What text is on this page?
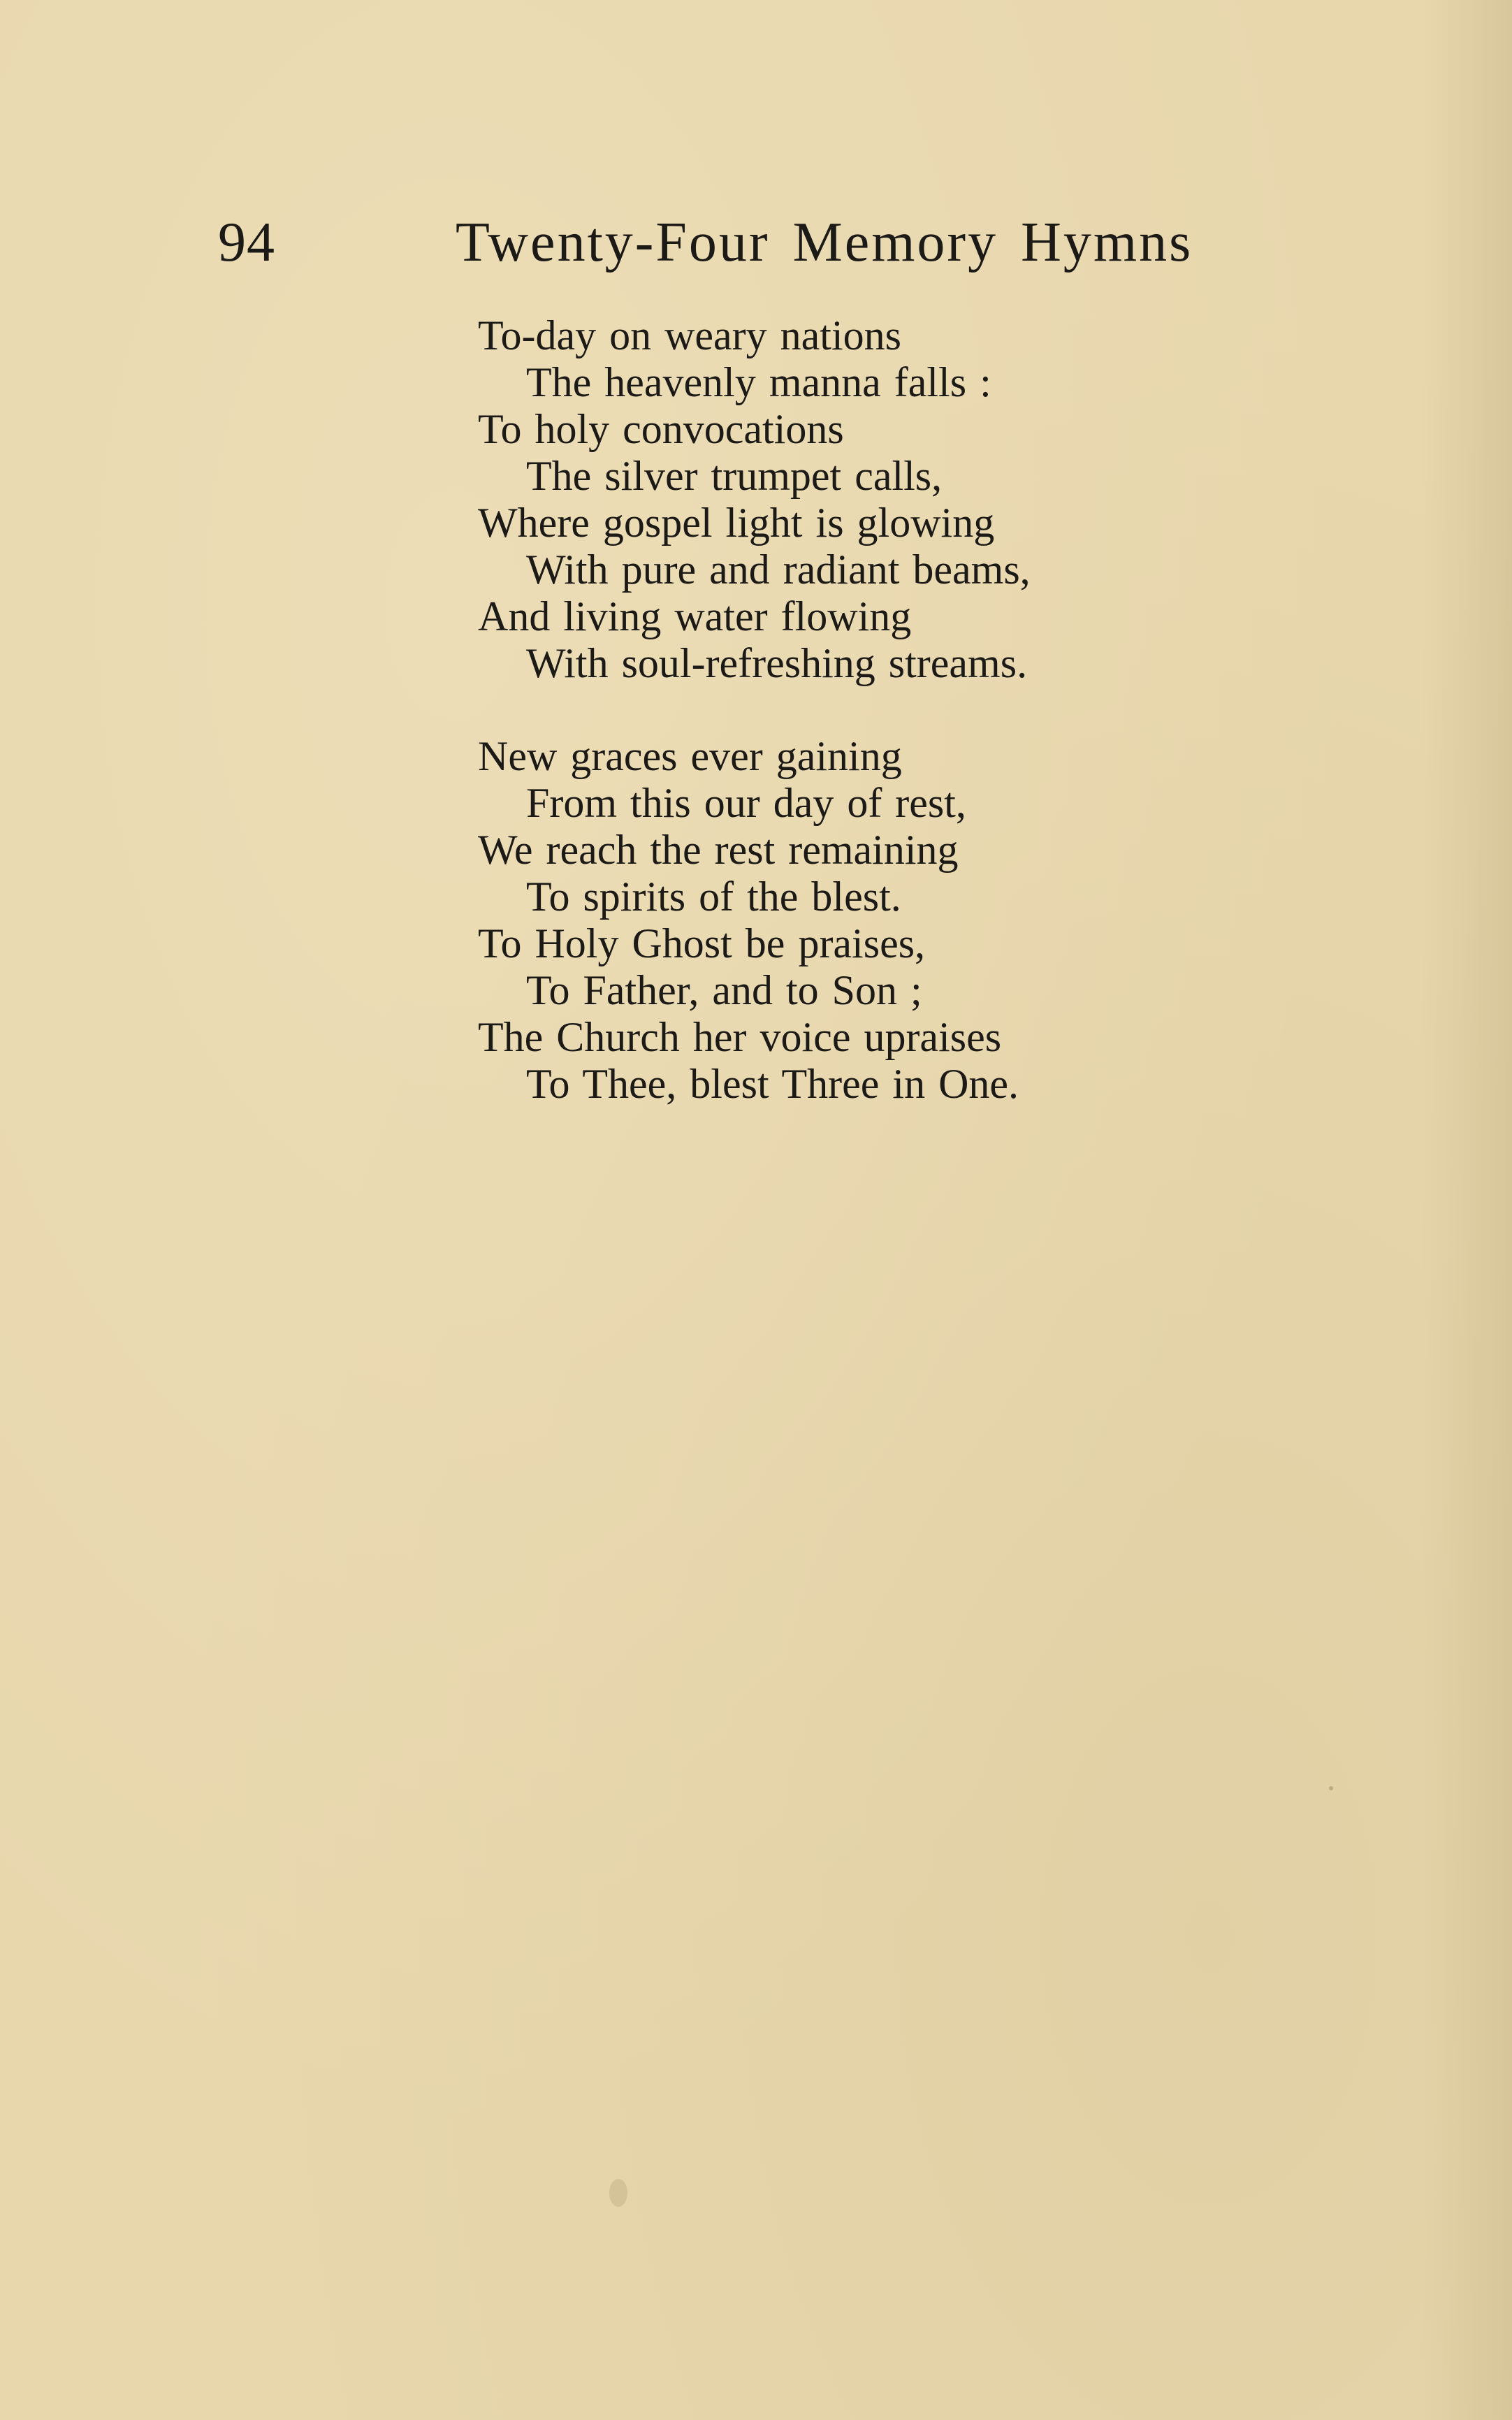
94	Twenty-Four Memory Hymns
To-day on weary nations
The heavenly manna falls :
To holy convocations
The silver trumpet calls,
Where gospel light is glowing
With pure and radiant beams,
And living water flowing
With soul-refreshing streams.
New graces ever gaining
From this our day of rest,
We reach the rest remaining
To spirits of the blest.
To Holy Ghost be praises,
To Father, and to Son ;
The Church her voice upraises
To Thee, blest Three in One.
